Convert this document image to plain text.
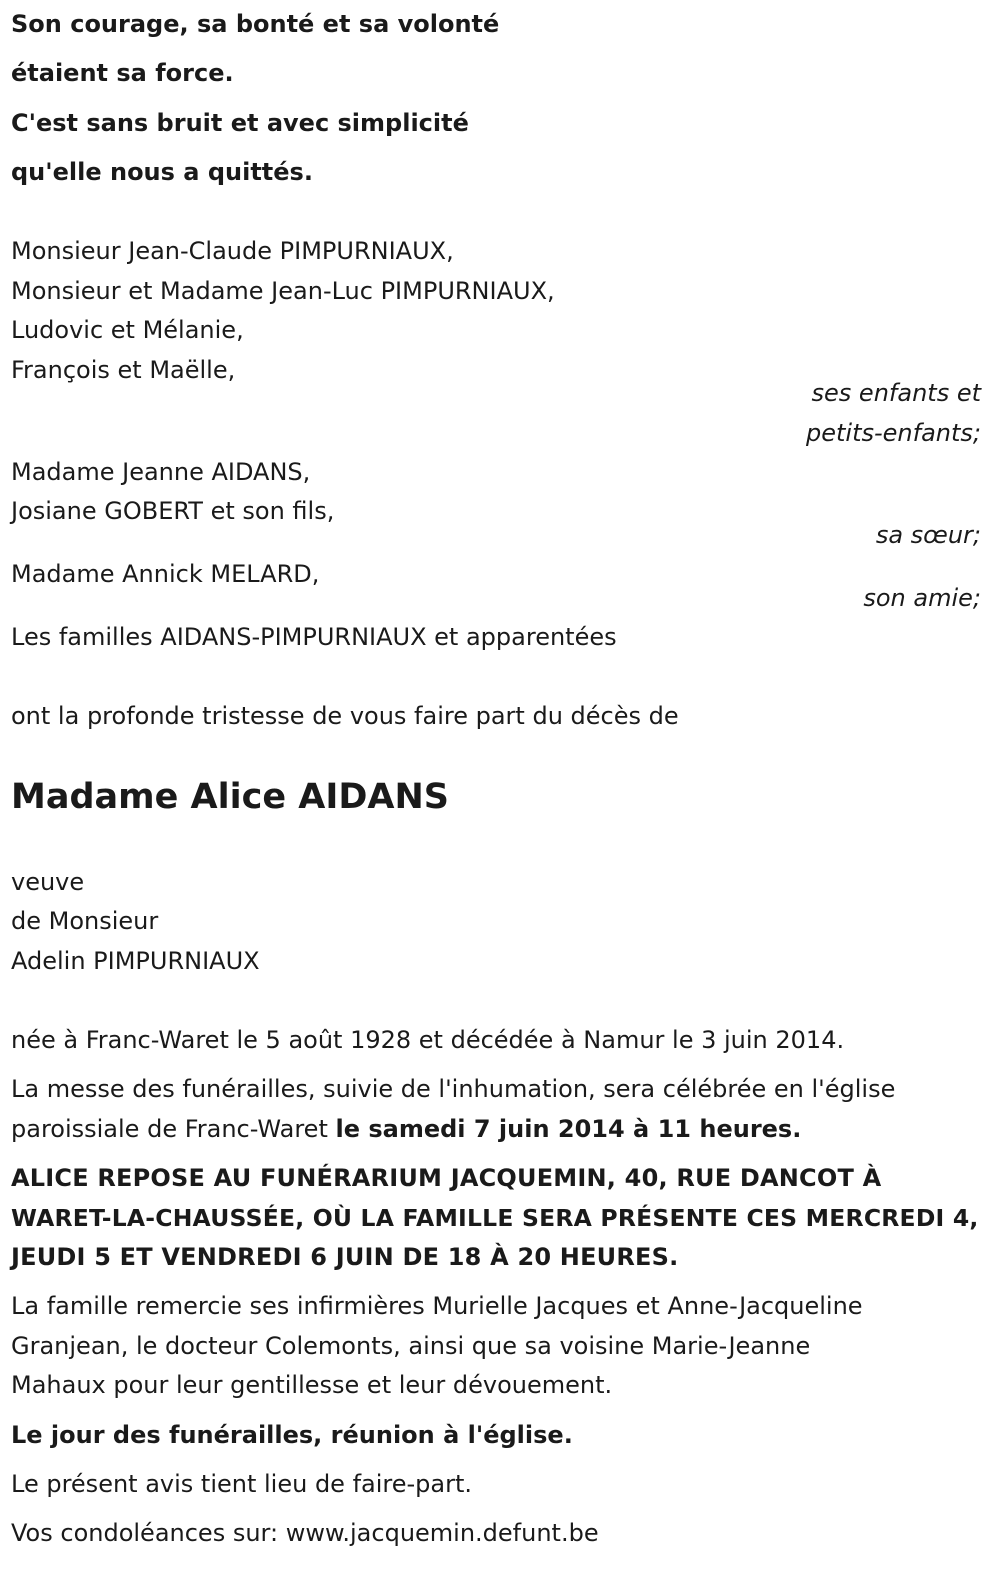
Son courage, sa bonté et sa volonté
étaient sa force.
C'est sans bruit et avec simplicité
qu'elle nous a quittés.
Monsieur Jean-Claude PIMPURNIAUX,
Monsieur et Madame Jean-Luc PIMPURNIAUX,
Ludovic et Mélanie,
François et Maëlle,
ses enfants et
petits-enfants;
Madame Jeanne AIDANS,
Josiane GOBERT et son fils,
sa sœur;
Madame Annick MELARD,
son amie;
Les familles AIDANS-PIMPURNIAUX et apparentées
ont la profonde tristesse de vous faire part du décès de
Madame Alice AIDANS
veuve
de Monsieur
Adelin PIMPURNIAUX
née à Franc-Waret le 5 août 1928 et décédée à Namur le 3 juin 2014.
La messe des funérailles, suivie de l'inhumation, sera célébrée en l'église
paroissiale de Franc-Waret le samedi 7 juin 2014 à 11 heures.
ALICE REPOSE AU FUNÉRARIUM JACQUEMIN, 40, RUE DANCOT À
WARET-LA-CHAUSSÉE, OÙ LA FAMILLE SERA PRÉSENTE CES MERCREDI 4,
JEUDI 5 ET VENDREDI 6 JUIN DE 18 À 20 HEURES.
La famille remercie ses infirmières Murielle Jacques et Anne-Jacqueline
Granjean, le docteur Colemonts, ainsi que sa voisine Marie-Jeanne
Mahaux pour leur gentillesse et leur dévouement.
Le jour des funérailles, réunion à l'église.
Le présent avis tient lieu de faire-part.
Vos condoléances sur: www.jacquemin.defunt.be
